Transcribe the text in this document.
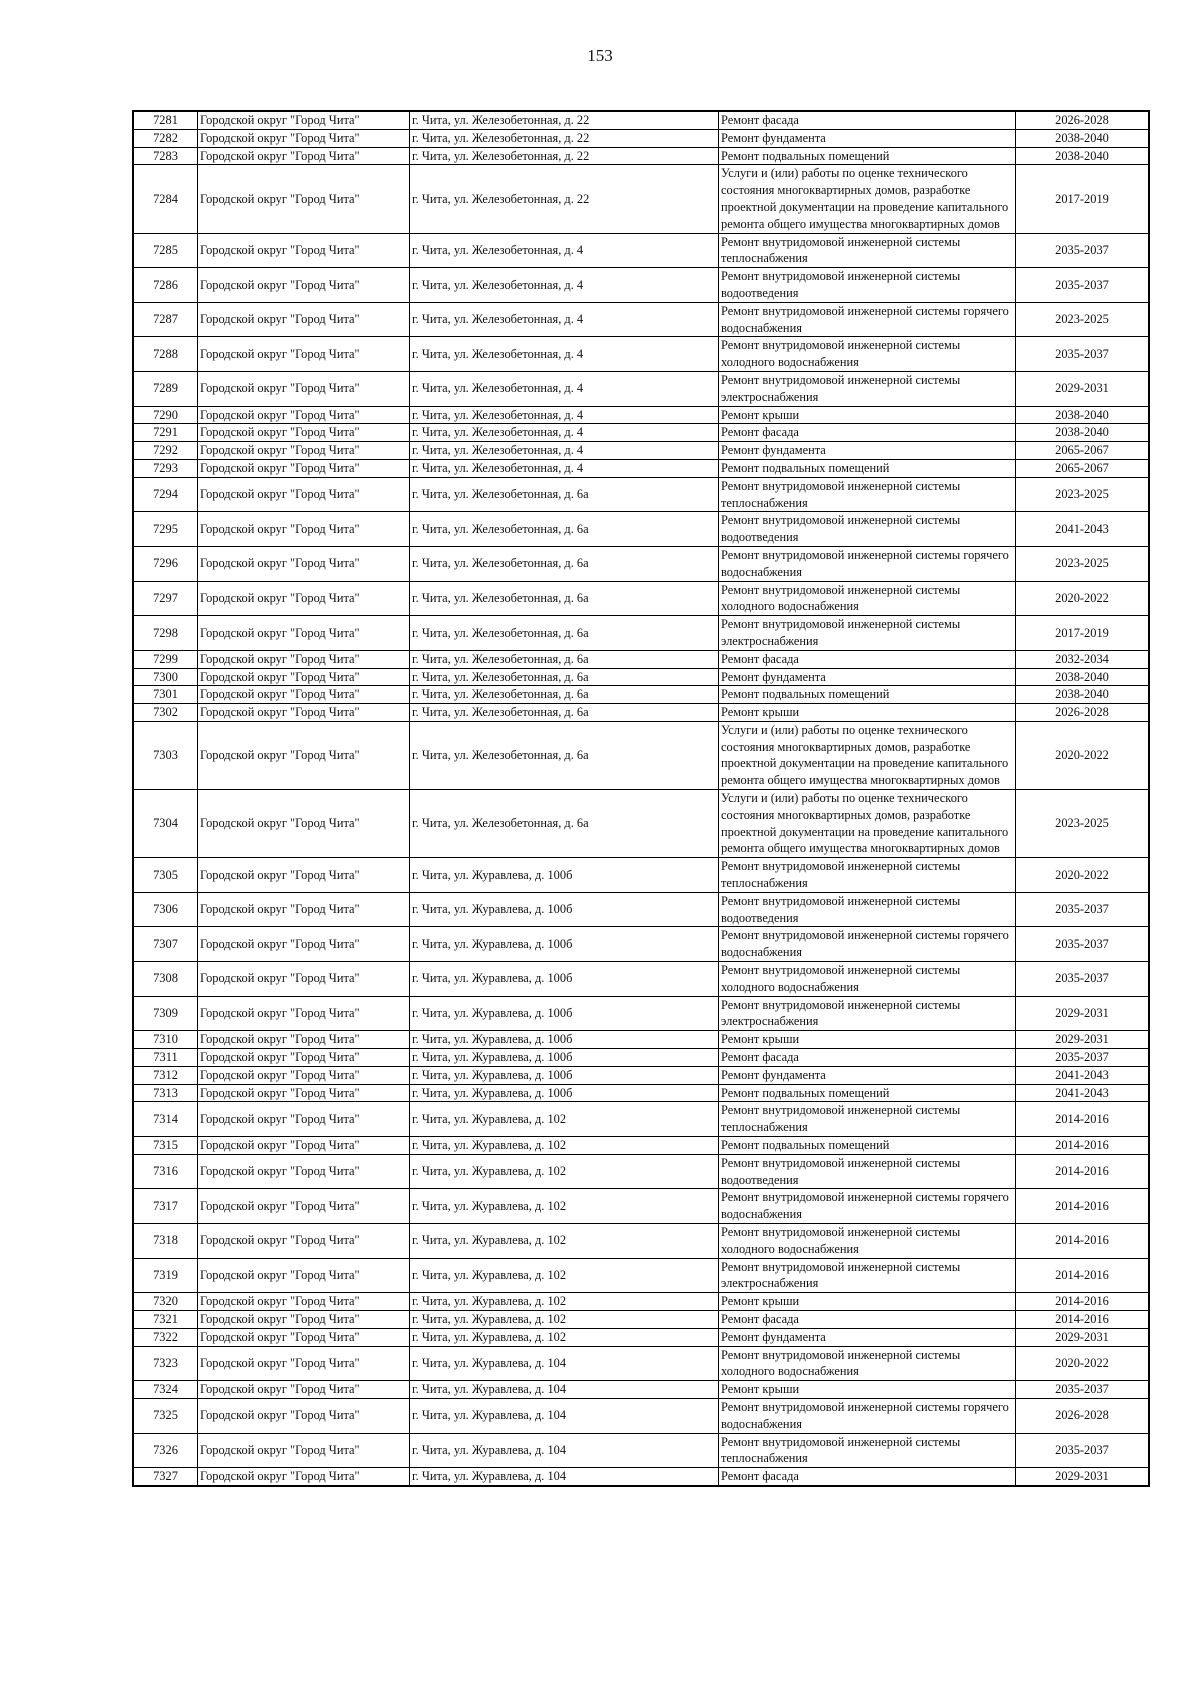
153
7281	Городской округ "Город Чита"	г. Чита, ул. Железобетонная, д. 22	Ремонт фасада	2026-2028
7282	Городской округ "Город Чита"	г. Чита, ул. Железобетонная, д. 22	Ремонт фундамента	2038-2040
7283	Городской округ "Город Чита"	г. Чита, ул. Железобетонная, д. 22	Ремонт подвальных помещений	2038-2040
7284	Городской округ "Город Чита"	г. Чита, ул. Железобетонная, д. 22	Услуги и (или) работы по оценке технического состояния многоквартирных домов, разработке проектной документации на проведение капитального ремонта общего имущества многоквартирных домов	2017-2019
7285	Городской округ "Город Чита"	г. Чита, ул. Железобетонная, д. 4	Ремонт внутридомовой инженерной системы теплоснабжения	2035-2037
7286	Городской округ "Город Чита"	г. Чита, ул. Железобетонная, д. 4	Ремонт внутридомовой инженерной системы водоотведения	2035-2037
7287	Городской округ "Город Чита"	г. Чита, ул. Железобетонная, д. 4	Ремонт внутридомовой инженерной системы горячего водоснабжения	2023-2025
7288	Городской округ "Город Чита"	г. Чита, ул. Железобетонная, д. 4	Ремонт внутридомовой инженерной системы холодного водоснабжения	2035-2037
7289	Городской округ "Город Чита"	г. Чита, ул. Железобетонная, д. 4	Ремонт внутридомовой инженерной системы электроснабжения	2029-2031
7290	Городской округ "Город Чита"	г. Чита, ул. Железобетонная, д. 4	Ремонт крыши	2038-2040
7291	Городской округ "Город Чита"	г. Чита, ул. Железобетонная, д. 4	Ремонт фасада	2038-2040
7292	Городской округ "Город Чита"	г. Чита, ул. Железобетонная, д. 4	Ремонт фундамента	2065-2067
7293	Городской округ "Город Чита"	г. Чита, ул. Железобетонная, д. 4	Ремонт подвальных помещений	2065-2067
7294	Городской округ "Город Чита"	г. Чита, ул. Железобетонная, д. 6а	Ремонт внутридомовой инженерной системы теплоснабжения	2023-2025
7295	Городской округ "Город Чита"	г. Чита, ул. Железобетонная, д. 6а	Ремонт внутридомовой инженерной системы водоотведения	2041-2043
7296	Городской округ "Город Чита"	г. Чита, ул. Железобетонная, д. 6а	Ремонт внутридомовой инженерной системы горячего водоснабжения	2023-2025
7297	Городской округ "Город Чита"	г. Чита, ул. Железобетонная, д. 6а	Ремонт внутридомовой инженерной системы холодного водоснабжения	2020-2022
7298	Городской округ "Город Чита"	г. Чита, ул. Железобетонная, д. 6а	Ремонт внутридомовой инженерной системы электроснабжения	2017-2019
7299	Городской округ "Город Чита"	г. Чита, ул. Железобетонная, д. 6а	Ремонт фасада	2032-2034
7300	Городской округ "Город Чита"	г. Чита, ул. Железобетонная, д. 6а	Ремонт фундамента	2038-2040
7301	Городской округ "Город Чита"	г. Чита, ул. Железобетонная, д. 6а	Ремонт подвальных помещений	2038-2040
7302	Городской округ "Город Чита"	г. Чита, ул. Железобетонная, д. 6а	Ремонт крыши	2026-2028
7303	Городской округ "Город Чита"	г. Чита, ул. Железобетонная, д. 6а	Услуги и (или) работы по оценке технического состояния многоквартирных домов, разработке проектной документации на проведение капитального ремонта общего имущества многоквартирных домов	2020-2022
7304	Городской округ "Город Чита"	г. Чита, ул. Железобетонная, д. 6а	Услуги и (или) работы по оценке технического состояния многоквартирных домов, разработке проектной документации на проведение капитального ремонта общего имущества многоквартирных домов	2023-2025
7305	Городской округ "Город Чита"	г. Чита, ул. Журавлева, д. 100б	Ремонт внутридомовой инженерной системы теплоснабжения	2020-2022
7306	Городской округ "Город Чита"	г. Чита, ул. Журавлева, д. 100б	Ремонт внутридомовой инженерной системы водоотведения	2035-2037
7307	Городской округ "Город Чита"	г. Чита, ул. Журавлева, д. 100б	Ремонт внутридомовой инженерной системы горячего водоснабжения	2035-2037
7308	Городской округ "Город Чита"	г. Чита, ул. Журавлева, д. 100б	Ремонт внутридомовой инженерной системы холодного водоснабжения	2035-2037
7309	Городской округ "Город Чита"	г. Чита, ул. Журавлева, д. 100б	Ремонт внутридомовой инженерной системы электроснабжения	2029-2031
7310	Городской округ "Город Чита"	г. Чита, ул. Журавлева, д. 100б	Ремонт крыши	2029-2031
7311	Городской округ "Город Чита"	г. Чита, ул. Журавлева, д. 100б	Ремонт фасада	2035-2037
7312	Городской округ "Город Чита"	г. Чита, ул. Журавлева, д. 100б	Ремонт фундамента	2041-2043
7313	Городской округ "Город Чита"	г. Чита, ул. Журавлева, д. 100б	Ремонт подвальных помещений	2041-2043
7314	Городской округ "Город Чита"	г. Чита, ул. Журавлева, д. 102	Ремонт внутридомовой инженерной системы теплоснабжения	2014-2016
7315	Городской округ "Город Чита"	г. Чита, ул. Журавлева, д. 102	Ремонт подвальных помещений	2014-2016
7316	Городской округ "Город Чита"	г. Чита, ул. Журавлева, д. 102	Ремонт внутридомовой инженерной системы водоотведения	2014-2016
7317	Городской округ "Город Чита"	г. Чита, ул. Журавлева, д. 102	Ремонт внутридомовой инженерной системы горячего водоснабжения	2014-2016
7318	Городской округ "Город Чита"	г. Чита, ул. Журавлева, д. 102	Ремонт внутридомовой инженерной системы холодного водоснабжения	2014-2016
7319	Городской округ "Город Чита"	г. Чита, ул. Журавлева, д. 102	Ремонт внутридомовой инженерной системы электроснабжения	2014-2016
7320	Городской округ "Город Чита"	г. Чита, ул. Журавлева, д. 102	Ремонт крыши	2014-2016
7321	Городской округ "Город Чита"	г. Чита, ул. Журавлева, д. 102	Ремонт фасада	2014-2016
7322	Городской округ "Город Чита"	г. Чита, ул. Журавлева, д. 102	Ремонт фундамента	2029-2031
7323	Городской округ "Город Чита"	г. Чита, ул. Журавлева, д. 104	Ремонт внутридомовой инженерной системы холодного водоснабжения	2020-2022
7324	Городской округ "Город Чита"	г. Чита, ул. Журавлева, д. 104	Ремонт крыши	2035-2037
7325	Городской округ "Город Чита"	г. Чита, ул. Журавлева, д. 104	Ремонт внутридомовой инженерной системы горячего водоснабжения	2026-2028
7326	Городской округ "Город Чита"	г. Чита, ул. Журавлева, д. 104	Ремонт внутридомовой инженерной системы теплоснабжения	2035-2037
7327	Городской округ "Город Чита"	г. Чита, ул. Журавлева, д. 104	Ремонт фасада	2029-2031
